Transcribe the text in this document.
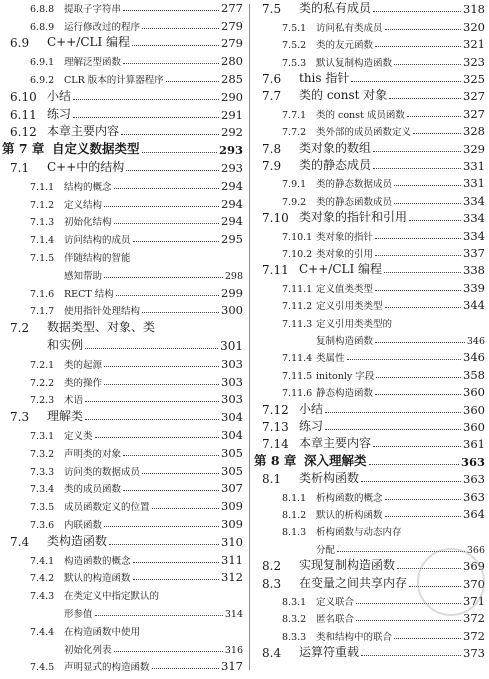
6.8.8	提取子字符串	277
6.8.9	运行修改过的程序	279
6.9	C++/CLI 编程	279
6.9.1	理解泛型函数	280
6.9.2	CLR 版本的计算器程序	285
6.10 小结	290
6.11 练习	291
6.12 本章主要内容	292
第 7 章 自定义数据类型	293
7.1	C++中的结构	293
7.1.1	结构的概念	294
7.1.2	定义结构	294
7.1.3	初始化结构	294
7.1.4	访问结构的成员	295
7.1.5	伴随结构的智能
感知帮助	298
7.1.6	RECT 结构	299
7.1.7	使用指针处理结构	300
7.2	数据类型、对象、类
和实例	301
7.2.1	类的起源	303
7.2.2	类的操作	303
7.2.3	术语	303
7.3	理解类	304
7.3.1	定义类	304
7.3.2	声明类的对象	305
7.3.3	访问类的数据成员	305
7.3.4	类的成员函数	307
7.3.5	成员函数定义的位置	309
7.3.6	内联函数	309
7.4	类构造函数	310
7.4.1	构造函数的概念	311
7.4.2	默认的构造函数	312
7.4.3	在类定义中指定默认的
形参值	314
7.4.4	在构造函数中使用
初始化列表	316
7.4.5	声明显式的构造函数	317
7.5	类的私有成员	318
7.5.1	访问私有类成员	320
7.5.2	类的友元函数	321
7.5.3	默认复制构造函数	323
7.6	this 指针	325
7.7	类的 const 对象	327
7.7.1	类的 const 成员函数	327
7.7.2	类外部的成员函数定义	328
7.8	类对象的数组	329
7.9	类的静态成员	331
7.9.1	类的静态数据成员	331
7.9.2	类的静态函数成员	334
7.10 类对象的指针和引用	334
7.10.1 类对象的指针	334
7.10.2 类对象的引用	337
7.11 C++/CLI 编程	338
7.11.1 定义值类类型	339
7.11.2 定义引用类类型	344
7.11.3 定义引用类类型的
复制构造函数	346
7.11.4 类属性	346
7.11.5 initonly 字段	358
7.11.6 静态构造函数	360
7.12 小结	360
7.13 练习	360
7.14 本章主要内容	361
第 8 章 深入理解类	363
8.1	类析构函数	363
8.1.1	析构函数的概念	363
8.1.2	默认的析构函数	364
8.1.3	析构函数与动态内存
分配	366
8.2	实现复制构造函数	369
8.3	在变量之间共享内存	370
8.3.1	定义联合	371
8.3.2	匿名联合	372
8.3.3	类和结构中的联合	372
8.4	运算符重载	373
